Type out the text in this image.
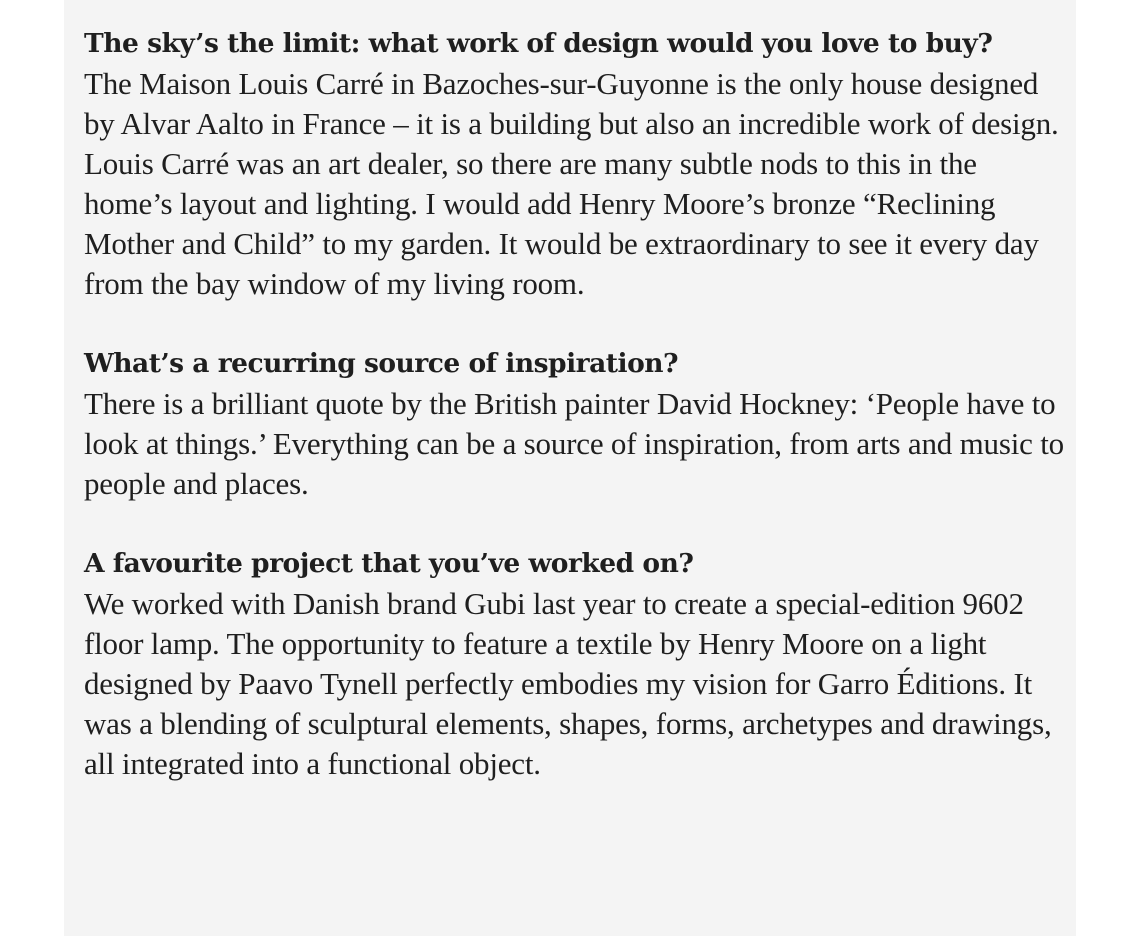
The sky’s the limit: what work of design would you love to buy?

The Maison Louis Carré in Bazoches-sur-Guyonne is the only house designed by Alvar Aalto in France – it is a building but also an incredible work of design. Louis Carré was an art dealer, so there are many subtle nods to this in the home’s layout and lighting. I would add Henry Moore’s bronze “Reclining Mother and Child” to my garden. It would be extraordinary to see it every day from the bay window of my living room.

What’s a recurring source of inspiration?

There is a brilliant quote by the British painter David Hockney: ‘People have to look at things.’ Everything can be a source of inspiration, from arts and music to people and places.

A favourite project that you’ve worked on?

We worked with Danish brand Gubi last year to create a special-edition 9602 floor lamp. The opportunity to feature a textile by Henry Moore on a light designed by Paavo Tynell perfectly embodies my vision for Garro Éditions. It was a blending of sculptural elements, shapes, forms, archetypes and drawings, all integrated into a functional object.
